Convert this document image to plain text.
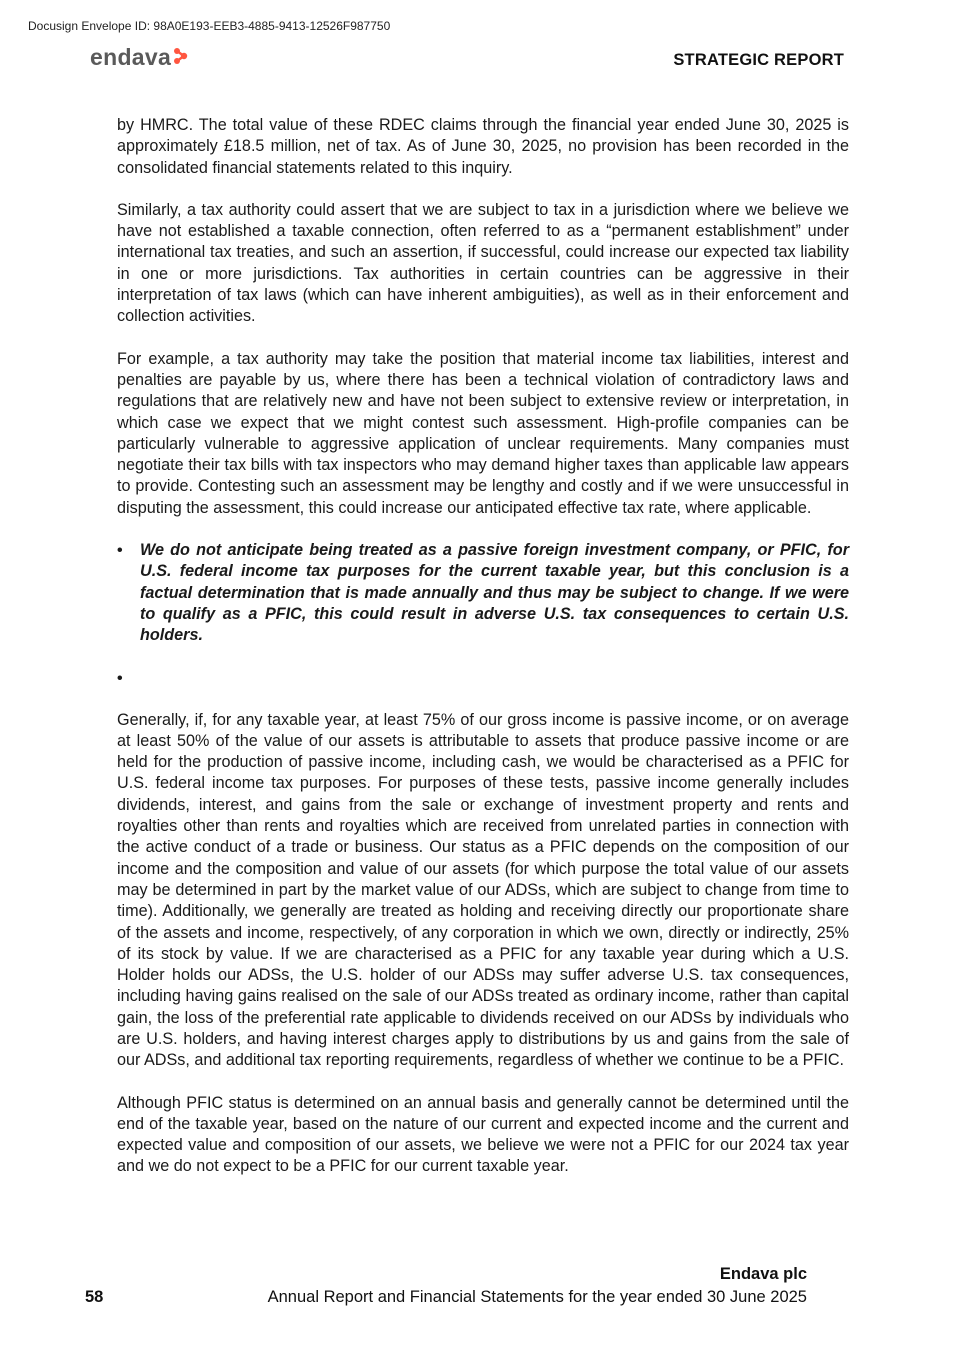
Docusign Envelope ID: 98A0E193-EEB3-4885-9413-12526F987750
endava	STRATEGIC REPORT

by HMRC. The total value of these RDEC claims through the financial year ended June 30, 2025 is approximately £18.5 million, net of tax. As of June 30, 2025, no provision has been recorded in the consolidated financial statements related to this inquiry.

Similarly, a tax authority could assert that we are subject to tax in a jurisdiction where we believe we have not established a taxable connection, often referred to as a “permanent establishment” under international tax treaties, and such an assertion, if successful, could increase our expected tax liability in one or more jurisdictions. Tax authorities in certain countries can be aggressive in their interpretation of tax laws (which can have inherent ambiguities), as well as in their enforcement and collection activities.

For example, a tax authority may take the position that material income tax liabilities, interest and penalties are payable by us, where there has been a technical violation of contradictory laws and regulations that are relatively new and have not been subject to extensive review or interpretation, in which case we expect that we might contest such assessment. High-profile companies can be particularly vulnerable to aggressive application of unclear requirements. Many companies must negotiate their tax bills with tax inspectors who may demand higher taxes than applicable law appears to provide. Contesting such an assessment may be lengthy and costly and if we were unsuccessful in disputing the assessment, this could increase our anticipated effective tax rate, where applicable.

•	We do not anticipate being treated as a passive foreign investment company, or PFIC, for U.S. federal income tax purposes for the current taxable year, but this conclusion is a factual determination that is made annually and thus may be subject to change. If we were to qualify as a PFIC, this could result in adverse U.S. tax consequences to certain U.S. holders.
•

Generally, if, for any taxable year, at least 75% of our gross income is passive income, or on average at least 50% of the value of our assets is attributable to assets that produce passive income or are held for the production of passive income, including cash, we would be characterised as a PFIC for U.S. federal income tax purposes. For purposes of these tests, passive income generally includes dividends, interest, and gains from the sale or exchange of investment property and rents and royalties other than rents and royalties which are received from unrelated parties in connection with the active conduct of a trade or business. Our status as a PFIC depends on the composition of our income and the composition and value of our assets (for which purpose the total value of our assets may be determined in part by the market value of our ADSs, which are subject to change from time to time). Additionally, we generally are treated as holding and receiving directly our proportionate share of the assets and income, respectively, of any corporation in which we own, directly or indirectly, 25% of its stock by value. If we are characterised as a PFIC for any taxable year during which a U.S. Holder holds our ADSs, the U.S. holder of our ADSs may suffer adverse U.S. tax consequences, including having gains realised on the sale of our ADSs treated as ordinary income, rather than capital gain, the loss of the preferential rate applicable to dividends received on our ADSs by individuals who are U.S. holders, and having interest charges apply to distributions by us and gains from the sale of our ADSs, and additional tax reporting requirements, regardless of whether we continue to be a PFIC.

Although PFIC status is determined on an annual basis and generally cannot be determined until the end of the taxable year, based on the nature of our current and expected income and the current and expected value and composition of our assets, we believe we were not a PFIC for our 2024 tax year and we do not expect to be a PFIC for our current taxable year.

Endava plc
58	Annual Report and Financial Statements for the year ended 30 June 2025
